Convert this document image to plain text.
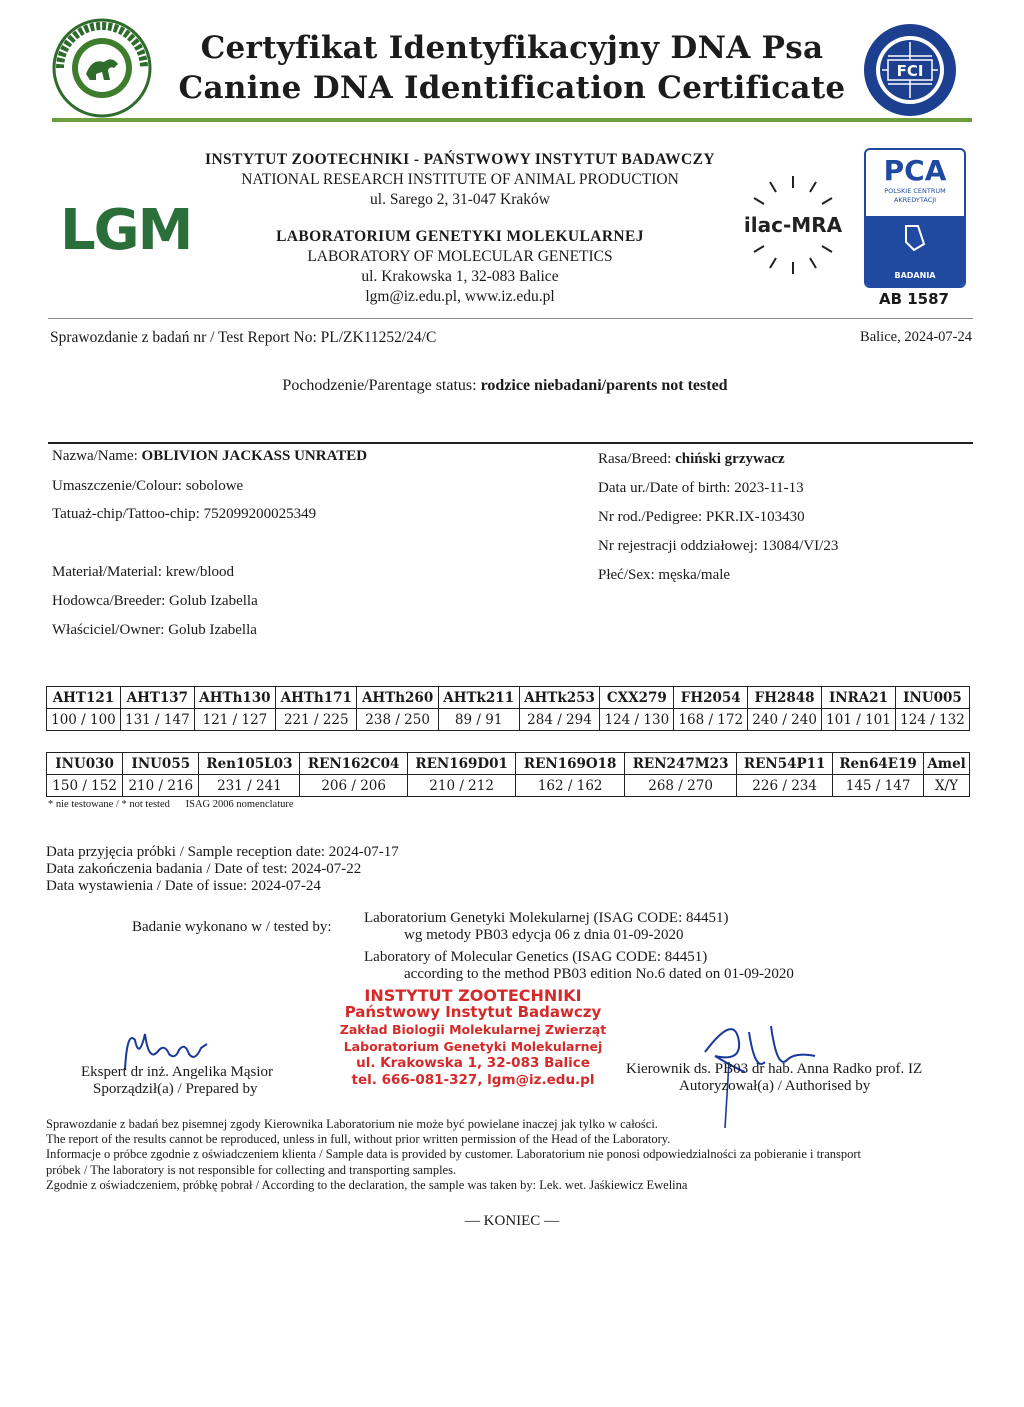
Certyfikat Identyfikacyjny DNA Psa
Canine DNA Identification Certificate	FCI
LGM
INSTYTUT ZOOTECHNIKI - PAŃSTWOWY INSTYTUT BADAWCZY
NATIONAL RESEARCH INSTITUTE OF ANIMAL PRODUCTION
ul. Sarego 2, 31-047 Kraków
LABORATORIUM GENETYKI MOLEKULARNEJ
LABORATORY OF MOLECULAR GENETICS
ul. Krakowska 1, 32-083 Balice
lgm@iz.edu.pl, www.iz.edu.pl
ilac-MRA
PCA
POLSKIE CENTRUM AKREDYTACJI
BADANIA
AB 1587
Sprawozdanie z badań nr / Test Report No: PL/ZK11252/24/C	Balice, 2024-07-24
Pochodzenie/Parentage status: rodzice niebadani/parents not tested
Nazwa/Name: OBLIVION JACKASS UNRATED
Umaszczenie/Colour: sobolowe
Tatuaż-chip/Tattoo-chip: 752099200025349
Materiał/Material: krew/blood
Hodowca/Breeder: Golub Izabella
Właściciel/Owner: Golub Izabella
Rasa/Breed: chiński grzywacz
Data ur./Date of birth: 2023-11-13
Nr rod./Pedigree: PKR.IX-103430
Nr rejestracji oddziałowej: 13084/VI/23
Płeć/Sex: męska/male
AHT121	AHT137	AHTh130	AHTh171	AHTh260	AHTk211	AHTk253	CXX279	FH2054	FH2848	INRA21	INU005
100 / 100	131 / 147	121 / 127	221 / 225	238 / 250	89 / 91	284 / 294	124 / 130	168 / 172	240 / 240	101 / 101	124 / 132
INU030	INU055	Ren105L03	REN162C04	REN169D01	REN169O18	REN247M23	REN54P11	Ren64E19	Amel
150 / 152	210 / 216	231 / 241	206 / 206	210 / 212	162 / 162	268 / 270	226 / 234	145 / 147	X/Y
* nie testowane / * not tested      ISAG 2006 nomenclature
Data przyjęcia próbki / Sample reception date: 2024-07-17
Data zakończenia badania / Date of test: 2024-07-22
Data wystawienia / Date of issue: 2024-07-24
Badanie wykonano w / tested by:
Laboratorium Genetyki Molekularnej (ISAG CODE: 84451)
wg metody PB03 edycja 06 z dnia 01-09-2020
Laboratory of Molecular Genetics (ISAG CODE: 84451)
according to the method PB03 edition No.6 dated on 01-09-2020
INSTYTUT ZOOTECHNIKI
Państwowy Instytut Badawczy
Zakład Biologii Molekularnej Zwierząt
Laboratorium Genetyki Molekularnej
ul. Krakowska 1, 32-083 Balice
tel. 666-081-327, lgm@iz.edu.pl
Ekspert dr inż. Angelika Mąsior
Sporządził(a) / Prepared by
Kierownik ds. PB03 dr hab. Anna Radko prof. IZ
Autoryzował(a) / Authorised by
Sprawozdanie z badań bez pisemnej zgody Kierownika Laboratorium nie może być powielane inaczej jak tylko w całości.
The report of the results cannot be reproduced, unless in full, without prior written permission of the Head of the Laboratory.
Informacje o próbce zgodnie z oświadczeniem klienta / Sample data is provided by customer. Laboratorium nie ponosi odpowiedzialności za pobieranie i transport
próbek / The laboratory is not responsible for collecting and transporting samples.
Zgodnie z oświadczeniem, próbkę pobrał / According to the declaration, the sample was taken by: Lek. wet. Jaśkiewicz Ewelina
— KONIEC —
